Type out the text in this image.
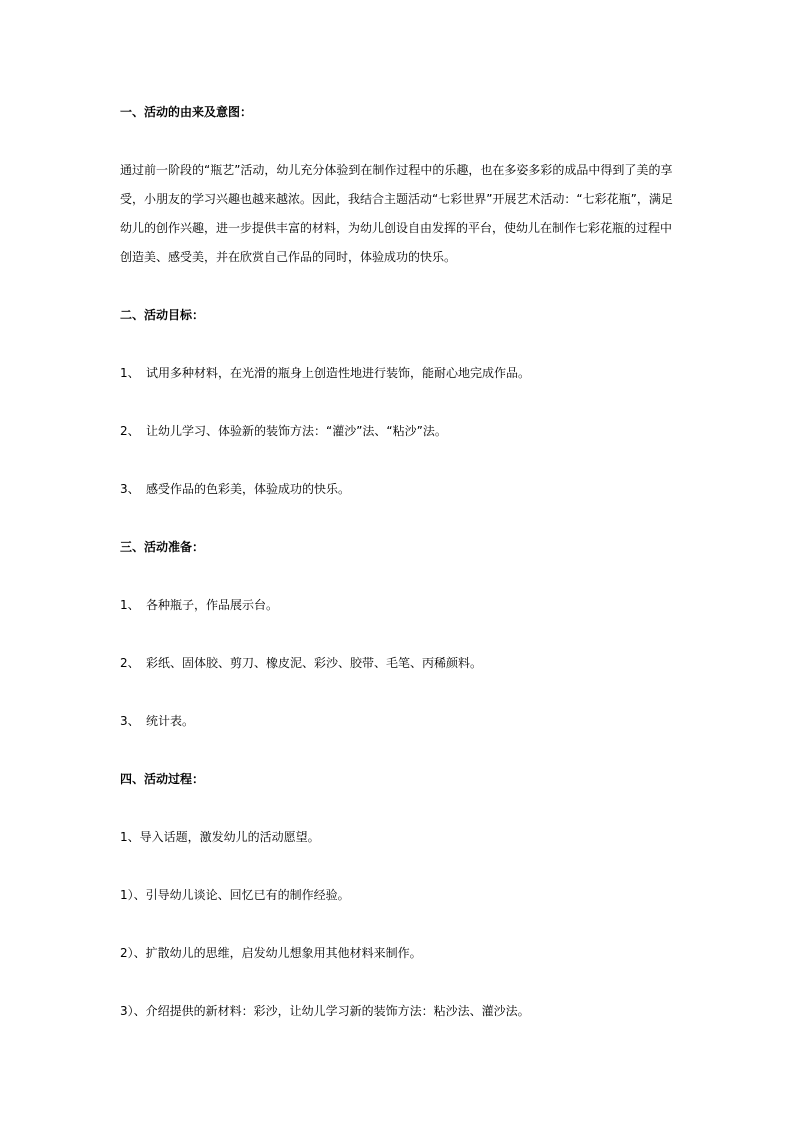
一、活动的由来及意图：
通过前一阶段的“瓶艺”活动，幼儿充分体验到在制作过程中的乐趣，也在多姿多彩的成品中得到了美的享
受，小朋友的学习兴趣也越来越浓。因此，我结合主题活动“七彩世界”开展艺术活动：“七彩花瓶”，满足
幼儿的创作兴趣，进一步提供丰富的材料，为幼儿创设自由发挥的平台，使幼儿在制作七彩花瓶的过程中
创造美、感受美，并在欣赏自己作品的同时，体验成功的快乐。
二、活动目标：
1、 试用多种材料，在光滑的瓶身上创造性地进行装饰，能耐心地完成作品。
2、 让幼儿学习、体验新的装饰方法：“灌沙”法、“粘沙”法。
3、 感受作品的色彩美，体验成功的快乐。
三、活动准备：
1、 各种瓶子，作品展示台。
2、 彩纸、固体胶、剪刀、橡皮泥、彩沙、胶带、毛笔、丙稀颜料。
3、 统计表。
四、活动过程：
1、导入话题，激发幼儿的活动愿望。
1）、引导幼儿谈论、回忆已有的制作经验。
2）、扩散幼儿的思维，启发幼儿想象用其他材料来制作。
3）、介绍提供的新材料：彩沙，让幼儿学习新的装饰方法：粘沙法、灌沙法。
